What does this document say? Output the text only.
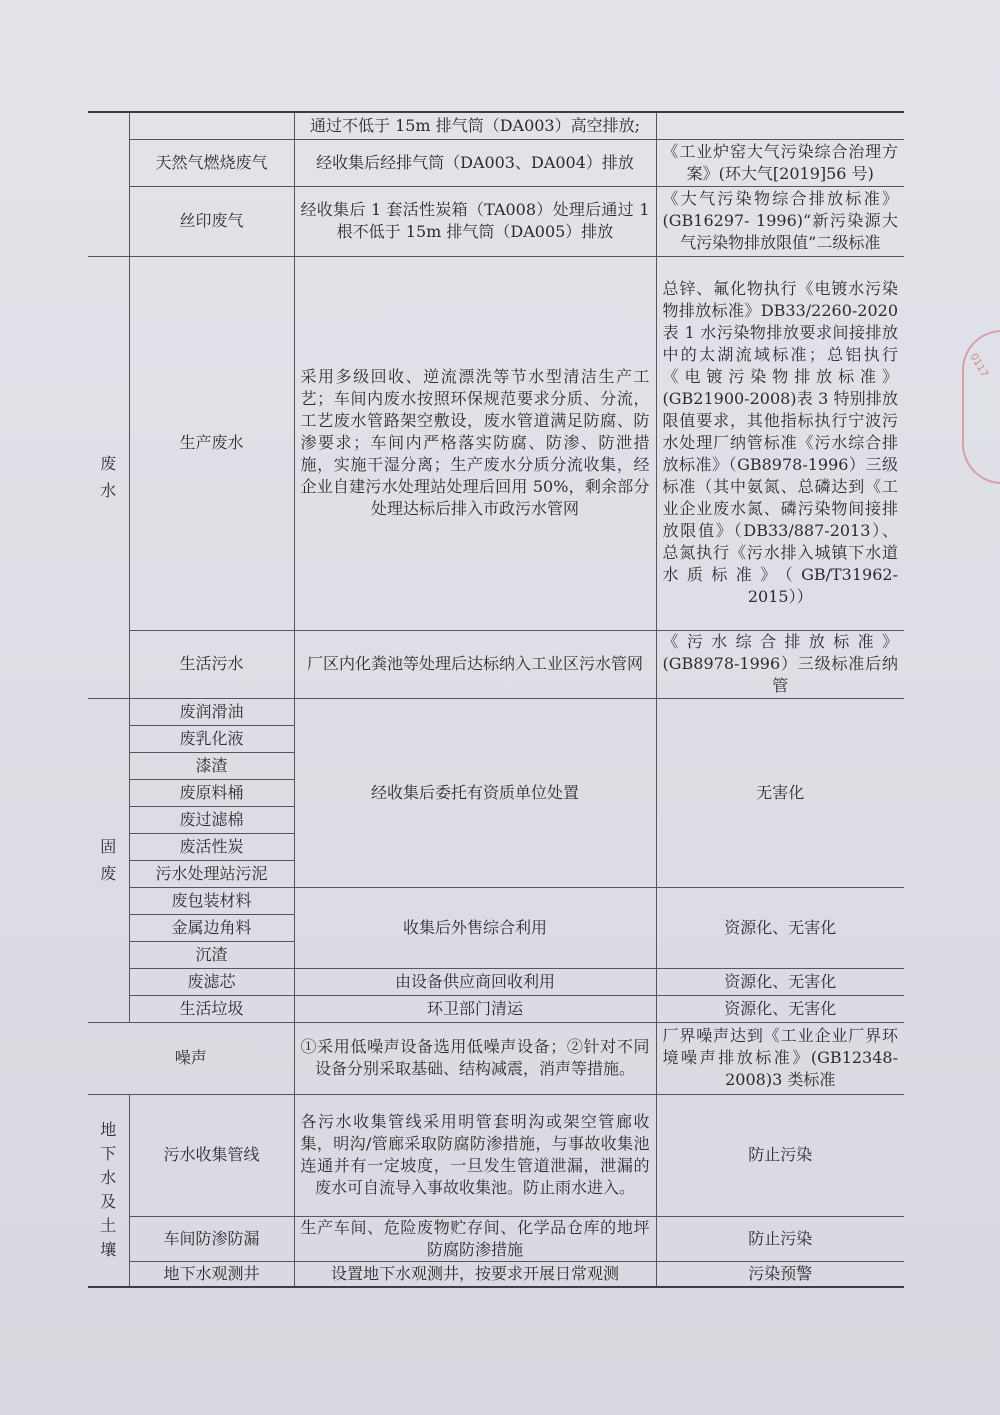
0117
		通过不低于 15m 排气筒（DA003）高空排放;	
	天然气燃烧废气	经收集后经排气筒（DA003、DA004）排放	《工业炉窑大气污染综合治理方案》(环大气[2019]56 号)
	丝印废气	经收集后 1 套活性炭箱（TA008）处理后通过 1 根不低于 15m 排气筒（DA005）排放	《大气污染物综合排放标准》(GB16297- 1996)“新污染源大气污染物排放限值”二级标准
废水	生产废水	采用多级回收、逆流漂洗等节水型清洁生产工艺；车间内废水按照环保规范要求分质、分流，工艺废水管路架空敷设，废水管道满足防腐、防渗要求；车间内严格落实防腐、防渗、防泄措施，实施干湿分离；生产废水分质分流收集，经企业自建污水处理站处理后回用 50%，剩余部分处理达标后排入市政污水管网	总锌、氟化物执行《电镀水污染物排放标准》DB33/2260-2020 表 1 水污染物排放要求间接排放中的太湖流域标准；总铝执行《电镀污染物排放标准》(GB21900-2008)表 3 特别排放限值要求，其他指标执行宁波污水处理厂纳管标准《污水综合排放标准》（GB8978-1996）三级标准（其中氨氮、总磷达到《工业企业废水氮、磷污染物间接排放限值》（DB33/887-2013）、总氮执行《污水排入城镇下水道水质标准》（GB/T31962-2015））
	生活污水	厂区内化粪池等处理后达标纳入工业区污水管网	《污水综合排放标准》(GB8978-1996）三级标准后纳管
固废	废润滑油	经收集后委托有资质单位处置	无害化
	废乳化液		
	漆渣		
	废原料桶		
	废过滤棉		
	废活性炭		
	污水处理站污泥		
	废包装材料	收集后外售综合利用	资源化、无害化
	金属边角料		
	沉渣		
	废滤芯	由设备供应商回收利用	资源化、无害化
	生活垃圾	环卫部门清运	资源化、无害化
噪声		①采用低噪声设备选用低噪声设备；②针对不同设备分别采取基础、结构减震，消声等措施。	厂界噪声达到《工业企业厂界环境噪声排放标准》(GB12348-2008)3 类标准
地下水及土壤	污水收集管线	各污水收集管线采用明管套明沟或架空管廊收集，明沟/管廊采取防腐防渗措施，与事故收集池连通并有一定坡度，一旦发生管道泄漏，泄漏的废水可自流导入事故收集池。防止雨水进入。	防止污染
	车间防渗防漏	生产车间、危险废物贮存间、化学品仓库的地坪防腐防渗措施	防止污染
	地下水观测井	设置地下水观测井，按要求开展日常观测	污染预警
